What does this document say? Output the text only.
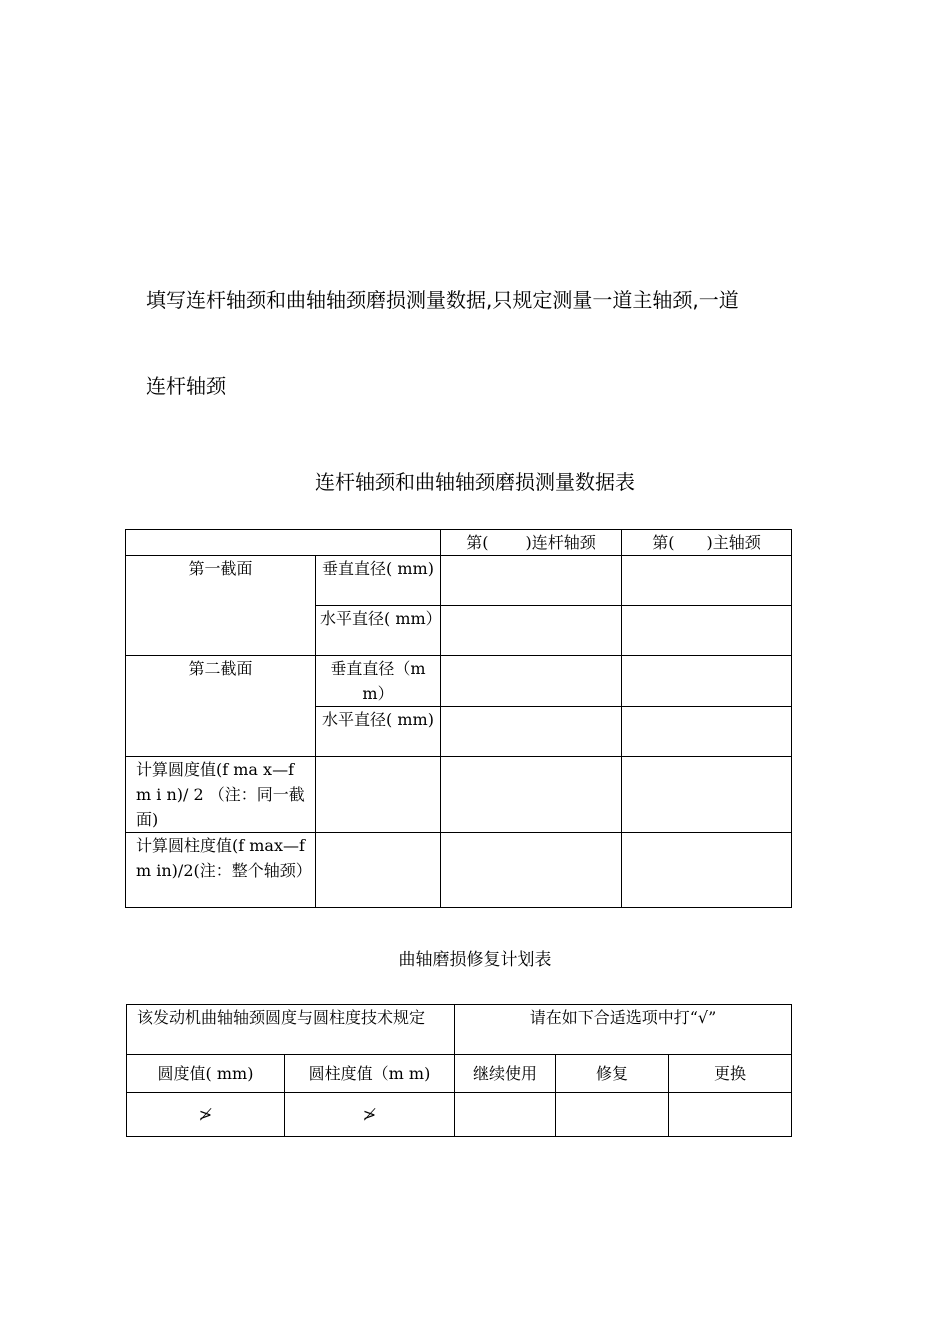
填写连杆轴颈和曲轴轴颈磨损测量数据,只规定测量一道主轴颈,一道
连杆轴颈
连杆轴颈和曲轴轴颈磨损测量数据表
		第(　　 )连杆轴颈	第(　　)主轴颈
第一截面	垂直直径( mm)		
	水平直径( mm）		
第二截面	垂直直径（mm）		
	水平直径( mm)		
计算圆度值(f ma x—f m i n)/ 2 （注：同一截面)			
计算圆柱度值(f max—f m in)/2(注：整个轴颈）			
曲轴磨损修复计划表
该发动机曲轴轴颈圆度与圆柱度技术规定		请在如下合适选项中打“√”		
圆度值( mm)	圆柱度值（m m)	继续使用	修复	更换
≯	≯			
